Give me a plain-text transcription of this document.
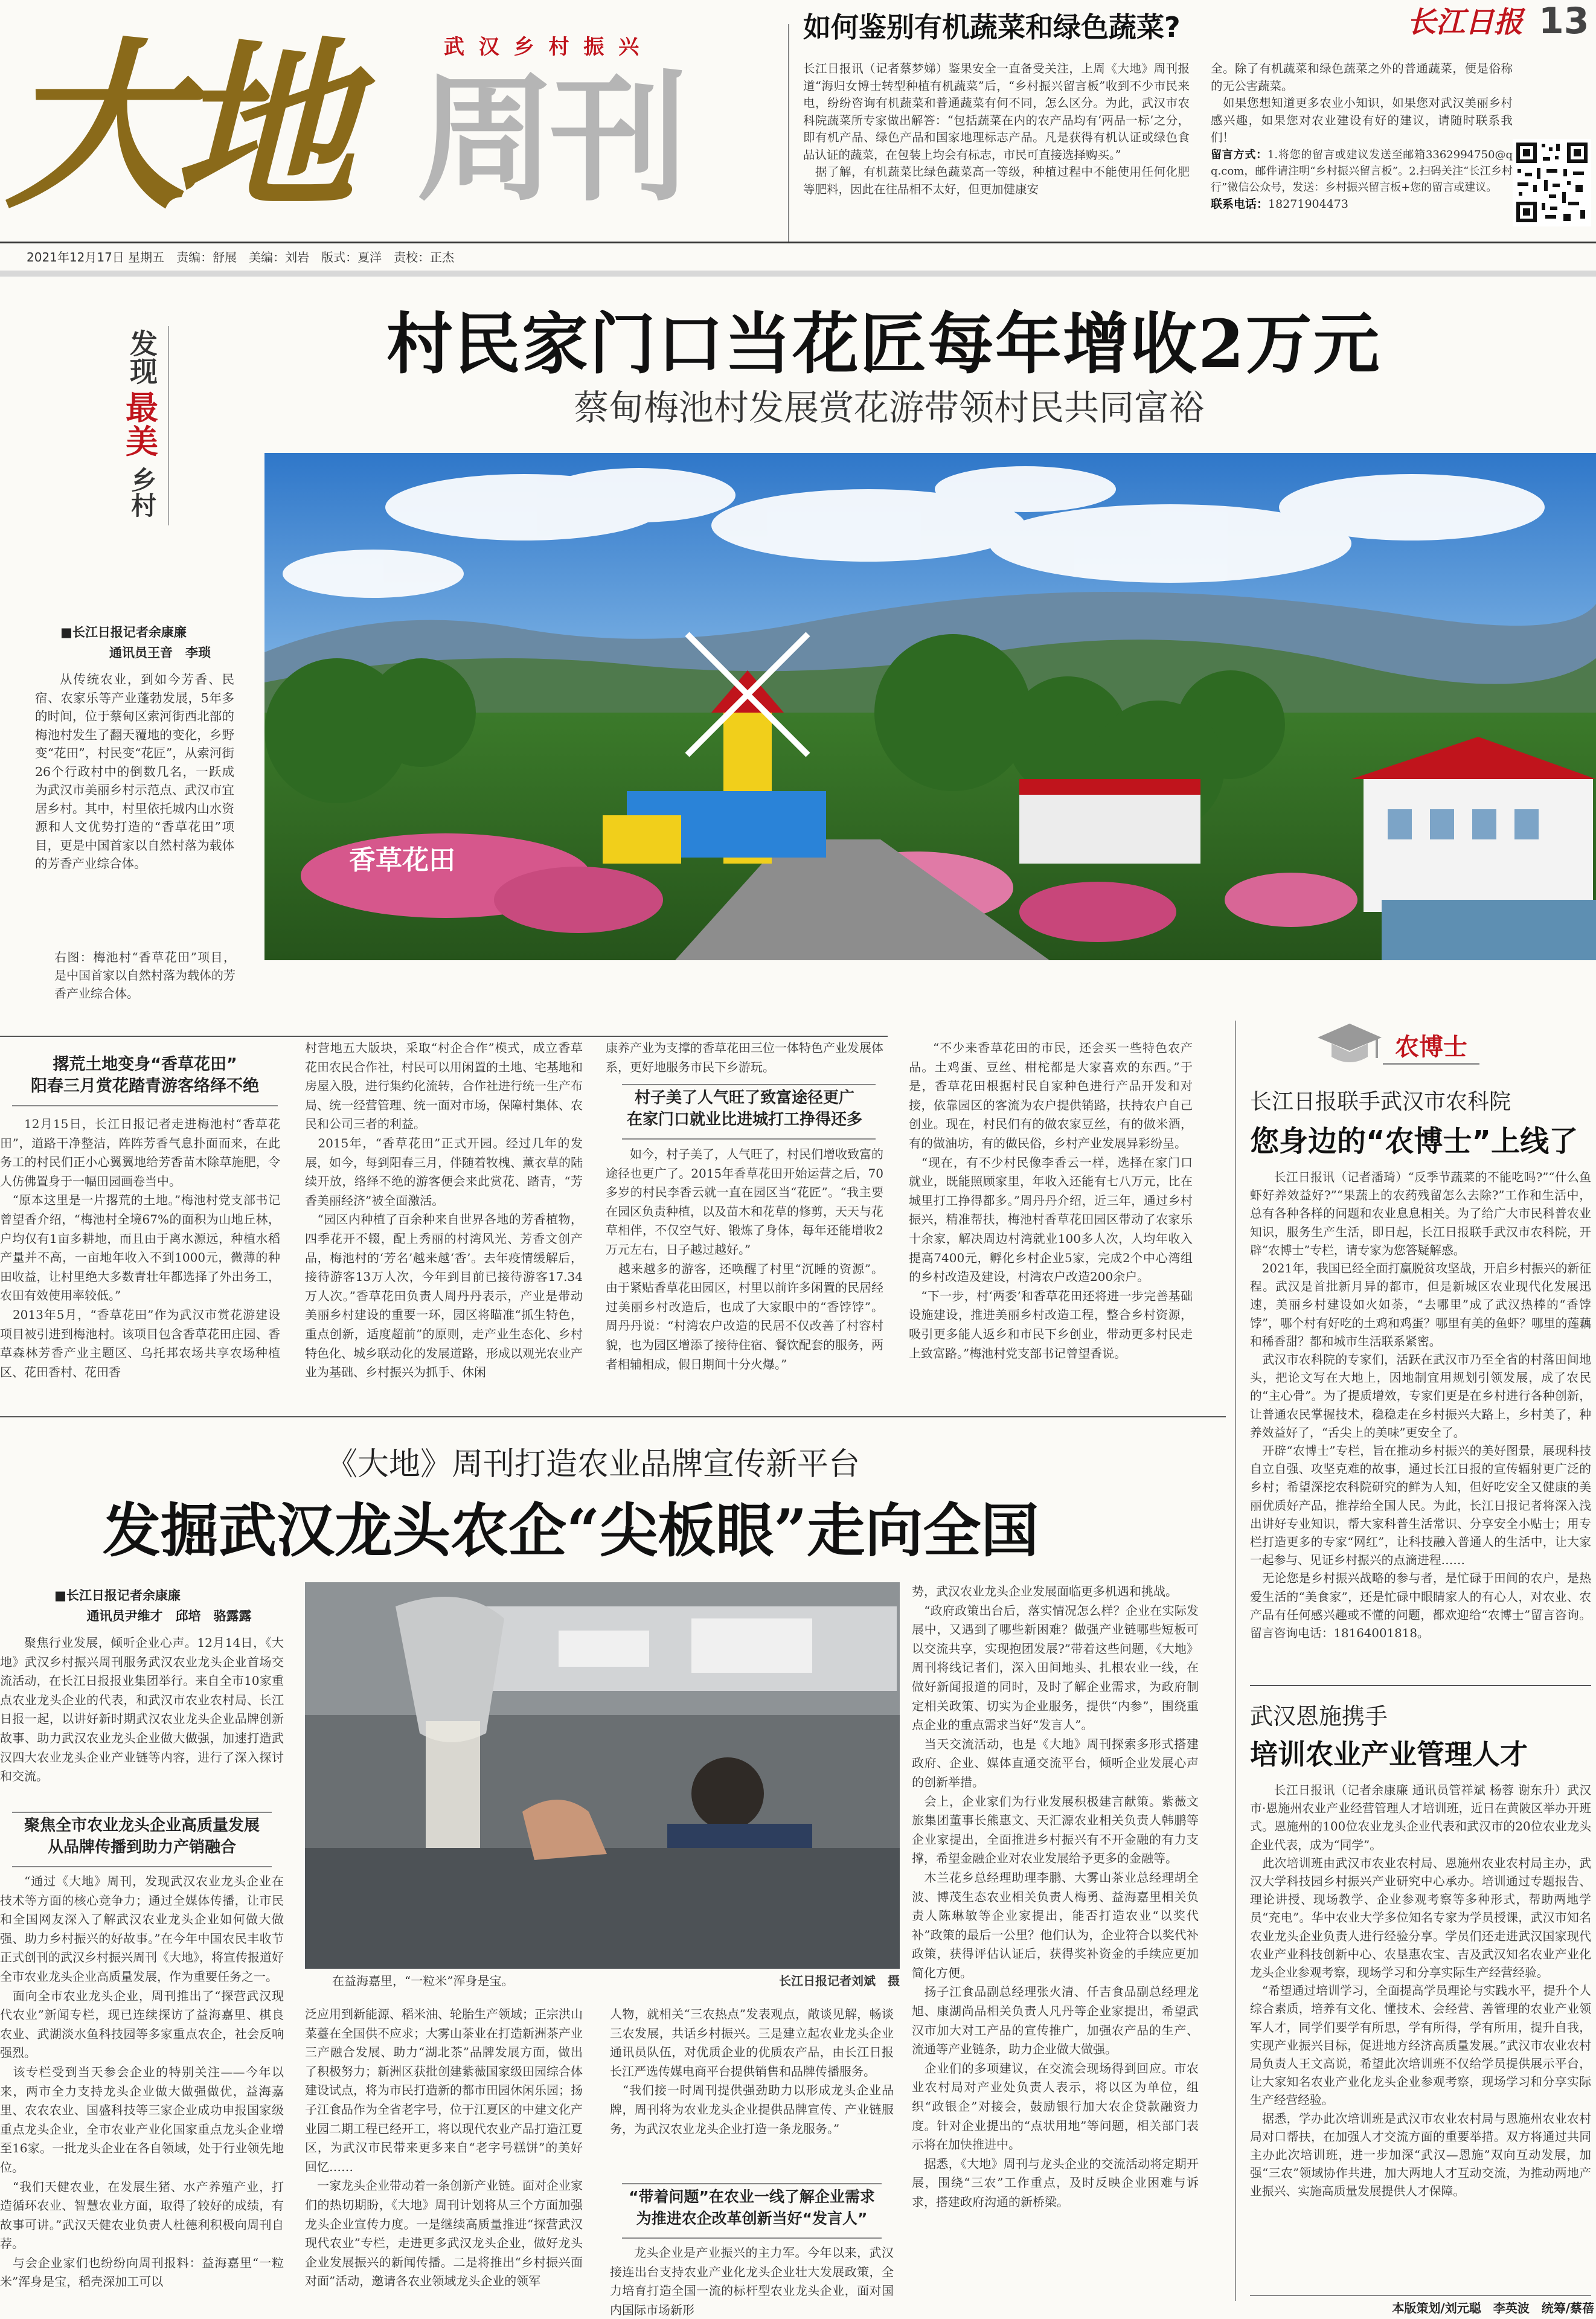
大地 周刊
武 汉 乡 村 振 兴
如何鉴别有机蔬菜和绿色蔬菜?	长江日报 13
长江日报讯（记者蔡梦娣）鉴果安全一直备受关注，上周《大地》周刊报道“海归女博士转型种植有机蔬菜”后，“乡村振兴留言板”收到不少市民来电，纷纷咨询有机蔬菜和普通蔬菜有何不同，怎么区分。为此，武汉市农科院蔬菜所专家做出解答：“包括蔬菜在内的农产品均有‘两品一标’之分，即有机产品、绿色产品和国家地理标志产品。凡是获得有机认证或绿色食品认证的蔬菜，在包装上均会有标志，市民可直接选择购买。”
　据了解，有机蔬菜比绿色蔬菜高一等级，种植过程中不能使用任何化肥等肥料，因此在往品相不太好，但更加健康安
全。除了有机蔬菜和绿色蔬菜之外的普通蔬菜，便是俗称的无公害蔬菜。
　如果您想知道更多农业小知识，如果您对武汉美丽乡村感兴趣，如果您对农业建设有好的建议，请随时联系我们！
留言方式：1.将您的留言或建议发送至邮箱3362994750@qq.com，邮件请注明“乡村振兴留言板”。2.扫码关注“长江乡村行”微信公众号，发送：乡村振兴留言板+您的留言或建议。
联系电话：18271904473
2021年12月17日 星期五　责编：舒展　美编：刘岩　版式：夏洋　责校：正杰
发现
最
美
乡村
村民家门口当花匠每年增收2万元
蔡甸梅池村发展赏花游带领村民共同富裕
■长江日报记者余康廉
通讯员王音　李琐
从传统农业，到如今芳香、民宿、农家乐等产业蓬勃发展，5年多的时间，位于蔡甸区索河街西北部的梅池村发生了翻天覆地的变化，乡野变“花田”，村民变“花匠”，从索河街26个行政村中的倒数几名，一跃成为武汉市美丽乡村示范点、武汉市宜居乡村。其中，村里依托城内山水资源和人文优势打造的“香草花田”项目，更是中国首家以自然村落为载体的芳香产业综合体。
右图：梅池村“香草花田”项目，是中国首家以自然村落为载体的芳香产业综合体。
香草花田
撂荒土地变身“香草花田”
阳春三月赏花踏青游客络绎不绝
12月15日，长江日报记者走进梅池村“香草花田”，道路干净整洁，阵阵芳香气息扑面而来，在此务工的村民们正小心翼翼地给芳香苗木除草施肥，令人仿佛置身于一幅田园画卷当中。
　“原本这里是一片撂荒的土地。”梅池村党支部书记曾望香介绍，“梅池村全境67%的面积为山地丘林，户均仅有1亩多耕地，而且由于离水源远，种植水稻产量并不高，一亩地年收入不到1000元，微薄的种田收益，让村里绝大多数青壮年都选择了外出务工，农田有效使用率较低。”
　2013年5月，“香草花田”作为武汉市赏花游建设项目被引进到梅池村。该项目包含香草花田庄园、香草森林芳香产业主题区、乌托邦农场共享农场种植区、花田香村、花田香
村营地五大版块，采取“村企合作”模式，成立香草花田农民合作社，村民可以用闲置的土地、宅基地和房屋入股，进行集约化流转，合作社进行统一生产布局、统一经营管理、统一面对市场，保障村集体、农民和公司三者的利益。
　2015年，“香草花田”正式开园。经过几年的发展，如今，每到阳春三月，伴随着牧槐、薰衣草的陆续开放，络绎不绝的游客便会来此赏花、踏青，“芳香美丽经济”被全面激活。
　“园区内种植了百余种来自世界各地的芳香植物，四季花开不辍，配上秀丽的村湾风光、芳香文创产品，梅池村的‘芳名’越来越‘香’。去年疫情缓解后，接待游客13万人次，今年到目前已接待游客17.34万人次。”香草花田负责人周丹丹表示，产业是带动美丽乡村建设的重要一环，园区将瞄准“抓生特色，重点创新，适度超前”的原则，走产业生态化、乡村特色化、城乡联动化的发展道路，形成以观光农业产业为基础、乡村振兴为抓手、休闲
康养产业为支撑的香草花田三位一体特色产业发展体系，更好地服务市民下乡游玩。
村子美了人气旺了致富途径更广
在家门口就业比进城打工挣得还多
如今，村子美了，人气旺了，村民们增收致富的途径也更广了。2015年香草花田开始运营之后，70多岁的村民李香云就一直在园区当“花匠”。“我主要在园区负责种植，以及苗木和花草的修剪，天天与花草相伴，不仅空气好、锻炼了身体，每年还能增收2万元左右，日子越过越好。”
　越来越多的游客，还唤醒了村里“沉睡的资源”。由于紧贴香草花田园区，村里以前许多闲置的民居经过美丽乡村改造后，也成了大家眼中的“香饽饽”。周丹丹说：“村湾农户改造的民居不仅改善了村容村貌，也为园区增添了接待住宿、餐饮配套的服务，两者相辅相成，假日期间十分火爆。”
“不少来香草花田的市民，还会买一些特色农产品。土鸡蛋、豆丝、柑柁都是大家喜欢的东西。”于是，香草花田根据村民自家种色进行产品开发和对接，依靠园区的客流为农户提供销路，扶持农户自己创业。现在，村民们有的做农家豆丝，有的做米酒，有的做油坊，有的做民俗，乡村产业发展异彩纷呈。
　“现在，有不少村民像李香云一样，选择在家门口就业，既能照顾家里，年收入还能有七八万元，比在城里打工挣得都多。”周丹丹介绍，近三年，通过乡村振兴，精准帮扶，梅池村香草花田园区带动了农家乐十余家，解决周边村湾就业100多人次，人均年收入提高7400元，孵化乡村企业5家，完成2个中心湾组的乡村改造及建设，村湾农户改造200余户。
　“下一步，村‘两委’和香草花田还将进一步完善基础设施建设，推进美丽乡村改造工程，整合乡村资源，吸引更多能人返乡和市民下乡创业，带动更多村民走上致富路。”梅池村党支部书记曾望香说。
农博士
长江日报联手武汉市农科院
您身边的“农博士”上线了
长江日报讯（记者潘琦）“反季节蔬菜的不能吃吗?”“什么鱼虾好养效益好?”“果蔬上的农药残留怎么去除?”工作和生活中，总有各种各样的问题和农业息息相关。为了给广大市民科普农业知识，服务生产生活，即日起，长江日报联手武汉市农科院，开辟“农博士”专栏，请专家为您答疑解惑。
　2021年，我国已经全面打赢脱贫攻坚战，开启乡村振兴的新征程。武汉是首批新月异的都市，但是新城区农业现代化发展迅速，美丽乡村建设如火如荼，“去哪里”成了武汉热棒的“香饽饽”，哪个村有好吃的土鸡和鸡蛋？哪里有美的鱼虾？哪里的莲藕和稀香甜？都和城市生活联系紧密。
　武汉市农科院的专家们，活跃在武汉市乃至全省的村落田间地头，把论文写在大地上，因地制宜用规划引领发展，成了农民的“主心骨”。为了提质增效，专家们更是在乡村进行各种创新，让普通农民掌握技术，稳稳走在乡村振兴大路上，乡村美了，种养效益好了，“舌尖上的美味”更安全了。
　开辟“农博士”专栏，旨在推动乡村振兴的美好图景，展现科技自立自强、攻坚克难的故事，通过长江日报的宣传辐射更广泛的乡村；希望深挖农科院研究的鲜为人知，但好吃安全又健康的美丽优质好产品，推荐给全国人民。为此，长江日报记者将深入浅出讲好专业知识，帮大家科普生活常识、分享安全小贴士；用专栏打造更多的专家“网红”，让科技融入普通人的生活中，让大家一起参与、见证乡村振兴的点滴进程……
　无论您是乡村振兴战略的参与者，是忙碌于田间的农户，是热爱生活的“美食家”，还是忙碌中眼睛家人的有心人，对农业、农产品有任何感兴趣或不懂的问题，都欢迎给“农博士”留言咨询。留言咨询电话：18164001818。
武汉恩施携手
培训农业产业管理人才
长江日报讯（记者余康廉 通讯员管祥斌 杨蓉 谢东升）武汉市·恩施州农业产业经营管理人才培训班，近日在黄陂区举办开班式。恩施州的100位农业龙头企业代表和武汉市的20位农业龙头企业代表，成为“同学”。
　此次培训班由武汉市农业农村局、恩施州农业农村局主办，武汉大学科技园乡村振兴产业研究中心承办。培训通过专题报告、理论讲授、现场教学、企业参观考察等多种形式，帮助两地学员“充电”。华中农业大学多位知名专家为学员授课，武汉市知名农业龙头企业负责人进行经验分享。学员们还走进武汉国家现代农业产业科技创新中心、农垦惠农宝、吉及武汉知名农业产业化龙头企业参观考察，现场学习和分享实际生产经营经验。
　“希望通过培训学习，全面提高学员理论与实践水平，提升个人综合素质，培养有文化、懂技术、会经营、善管理的农业产业领军人才，同学们要学有所思，学有所得，学有所用，提升自我，实现产业振兴目标，促进地方经济高质量发展。”武汉市农业农村局负责人王文高说，希望此次培训班不仅给学员提供展示平台，让大家知名农业产业化龙头企业参观考察，现场学习和分享实际生产经营经验。
　据悉，学办此次培训班是武汉市农业农村局与恩施州农业农村局对口帮扶，在加强人才交流方面的重要举措。双方将通过共同主办此次培训班，进一步加深“武汉—恩施”双向互动发展，加强“三农”领域协作共进，加大两地人才互动交流，为推动两地产业振兴、实施高质量发展提供人才保障。
本版策划/刘元聪　李英波　统筹/蔡蓓
《大地》周刊打造农业品牌宣传新平台
发掘武汉龙头农企“尖板眼”走向全国
■长江日报记者余康廉
通讯员尹维才　邱培　骆露露
聚焦行业发展，倾听企业心声。12月14日，《大地》武汉乡村振兴周刊服务武汉农业龙头企业首场交流活动，在长江日报报业集团举行。来自全市10家重点农业龙头企业的代表，和武汉市农业农村局、长江日报一起，以讲好新时期武汉农业龙头企业品牌创新故事、助力武汉农业龙头企业做大做强，加速打造武汉四大农业龙头企业产业链等内容，进行了深入探讨和交流。
聚焦全市农业龙头企业高质量发展
从品牌传播到助力产销融合
“通过《大地》周刊，发现武汉农业龙头企业在技术等方面的核心竞争力；通过全媒体传播，让市民和全国网友深入了解武汉农业龙头企业如何做大做强、助力乡村振兴的好故事。”在今年中国农民丰收节正式创刊的武汉乡村振兴周刊《大地》，将宣传报道好全市农业龙头企业高质量发展，作为重要任务之一。
　面向全市农业龙头企业，周刊推出了“探营武汉现代农业”新闻专栏，现已连续探访了益海嘉里、棋良农业、武湖淡水鱼科技园等多家重点农企，社会反响强烈。
　该专栏受到当天参会企业的特别关注——今年以来，两市全力支持龙头企业做大做强做优，益海嘉里、农农农业、国盛科技等三家企业成功申报国家级重点龙头企业，全市农业产业化国家重点龙头企业增至16家。一批龙头企业在各自领域，处于行业领先地位。
　“我们天健农业，在发展生猪、水产养殖产业，打造循环农业、智慧农业方面，取得了较好的成绩，有故事可讲。”武汉天健农业负责人杜德利积极向周刊自荐。
　与会企业家们也纷纷向周刊报料：益海嘉里“一粒米”浑身是宝，稻壳深加工可以
在益海嘉里，“一粒米”浑身是宝。	长江日报记者刘斌　摄
泛应用到新能源、稻米油、轮胎生产领域；正宗洪山菜薹在全国供不应求；大雾山茶业在打造新洲茶产业三产融合发展、助力“湖北茶”品牌发展方面，做出了积极努力；新洲区获批创建紫薇国家级田园综合体建设试点，将为市民打造新的都市田园休闲乐园；扬子江食品作为全省老字号，位于江夏区的中建文化产业园二期工程已经开工，将以现代农业产品打造江夏区，为武汉市民带来更多来自“老字号糕饼”的美好回忆……
　一家龙头企业带动着一条创新产业链。面对企业家们的热切期盼，《大地》周刊计划将从三个方面加强龙头企业宣传力度。一是继续高质量推进“探营武汉现代农业”专栏，走进更多武汉龙头企业，做好龙头企业发展振兴的新闻传播。二是将推出“乡村振兴面对面”活动，邀请各农业领域龙头企业的领军
人物，就相关“三农热点”发表观点，敞谈见解，畅谈三农发展，共话乡村振兴。三是建立起农业龙头企业通讯员队伍，对优质企业的优质农产品，由长江日报长江严选传媒电商平台提供销售和品牌传播服务。
　“我们接一时周刊提供强劲助力以形成龙头企业品牌，周刊将为农业龙头企业提供品牌宣传、产业链服务，为武汉农业龙头企业打造一条龙服务。”
“带着问题”在农业一线了解企业需求
为推进农企改革创新当好“发言人”
龙头企业是产业振兴的主力军。今年以来，武汉接连出台支持农业产业化龙头企业壮大发展政策，全力培育打造全国一流的标杆型农业龙头企业，面对国内国际市场新形
势，武汉农业龙头企业发展面临更多机遇和挑战。
　“政府政策出台后，落实情况怎么样？企业在实际发展中，又遇到了哪些新困难？做强产业链哪些短板可以交流共享，实现抱团发展?”带着这些问题，《大地》周刊将线记者们，深入田间地头、扎根农业一线，在做好新闻报道的同时，及时了解企业需求，为政府制定相关政策、切实为企业服务，提供“内参”，围绕重点企业的重点需求当好“发言人”。
　当天交流活动，也是《大地》周刊探索多形式搭建政府、企业、媒体直通交流平台，倾听企业发展心声的创新举措。
　会上，企业家们为行业发展积极建言献策。紫薇文旅集团董事长熊惠文、天汇源农业相关负责人韩鹏等企业家提出，全面推进乡村振兴有不开金融的有力支撑，希望金融企业对农业发展给予更多的金融等。
　木兰花乡总经理助理李鹏、大雾山茶业总经理胡全波、博茂生态农业相关负责人梅勇、益海嘉里相关负责人陈琳敏等企业家提出，能否打造农业“以奖代补”政策的最后一公里？他们认为，企业符合以奖代补政策，获得评估认证后，获得奖补资金的手续应更加简化方便。
　扬子江食品副总经理张火清、仟吉食品副总经理龙旭、康湖尚品相关负责人凡丹等企业家提出，希望武汉市加大对工产品的宣传推广，加强农产品的生产、流通等产业链条，助力企业做大做强。
　企业们的多项建议，在交流会现场得到回应。市农业农村局对产业处负责人表示，将以区为单位，组织“政银企”对接会，鼓励银行加大农企贷款融资力度。针对企业提出的“点状用地”等问题，相关部门表示将在加快推进中。
　据悉，《大地》周刊与龙头企业的交流活动将定期开展，围绕“三农”工作重点，及时反映企业困难与诉求，搭建政府沟通的新桥梁。
